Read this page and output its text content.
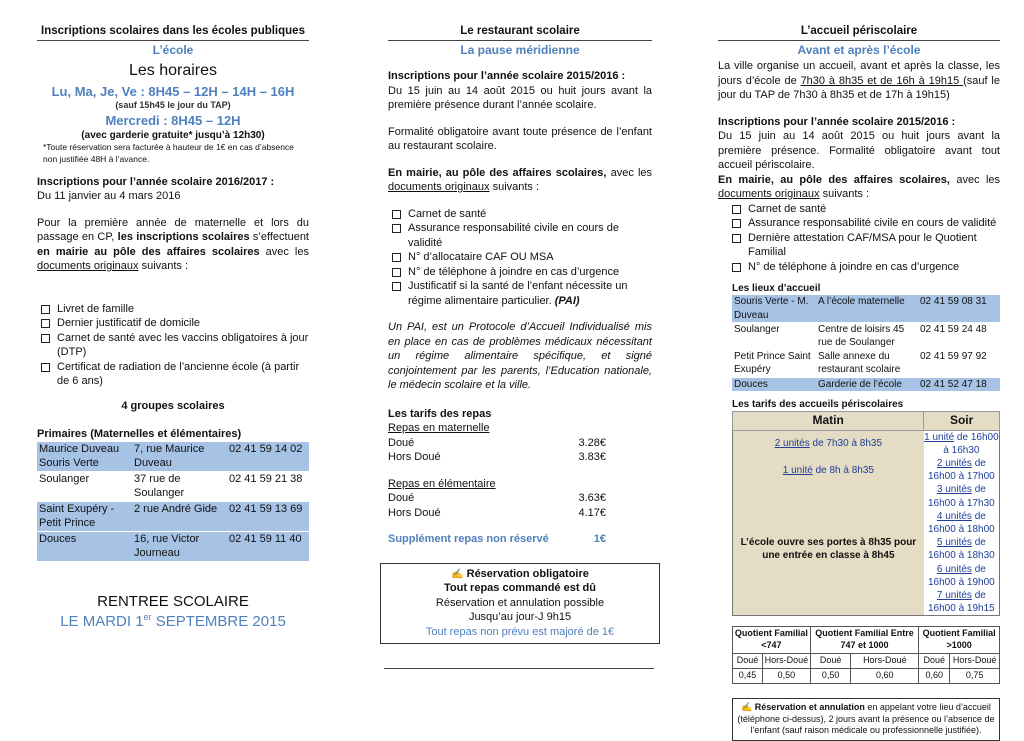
Inscriptions scolaires dans les écoles publiques
L’école
Les horaires
Lu, Ma, Je, Ve : 8H45 – 12H – 14H – 16H
(sauf 15h45 le jour du TAP)
Mercredi : 8H45 – 12H
(avec garderie gratuite* jusqu’à 12h30)
*Toute réservation sera facturée à hauteur de 1€ en cas d’absence non justifiée 48H à l’avance.
Inscriptions pour l’année scolaire 2016/2017 :
Du 11 janvier au 4 mars 2016

Pour la première année de maternelle et lors du passage en CP, les inscriptions scolaires s’effectuent en mairie au pôle des affaires scolaires avec les documents originaux suivants :

Livret de famille
Dernier justificatif de domicile
Carnet de santé avec les vaccins obligatoires à jour (DTP)
Certificat de radiation de l’ancienne école (à partir de 6 ans)
4 groupes scolaires
Primaires (Maternelles et élémentaires)
Maurice Duveau Souris Verte	7, rue Maurice Duveau	02 41 59 14 02
Soulanger	37 rue de Soulanger	02 41 59 21 38
Saint Exupéry - Petit Prince	2 rue André Gide	02 41 59 13 69
Douces	16, rue Victor Journeau	02 41 59 11 40
RENTREE SCOLAIRE
LE MARDI 1er SEPTEMBRE 2015
Le restaurant scolaire
La pause méridienne
Inscriptions pour l’année scolaire 2015/2016 :

Du 15 juin au 14 août 2015 ou huit jours avant la première présence durant l’année scolaire.

Formalité obligatoire avant toute présence de l’enfant au restaurant scolaire.

En mairie, au pôle des affaires scolaires, avec les documents originaux suivants :

Carnet de santé
Assurance responsabilité civile en cours de validité
N° d’allocataire CAF OU MSA
N° de téléphone à joindre en cas d’urgence
Justificatif si la santé de l’enfant nécessite un régime alimentaire particulier. (PAI)

Un PAI, est un Protocole d’Accueil Individualisé mis en place en cas de problèmes médicaux nécessitant un régime alimentaire spécifique, et signé conjointement par les parents, l’Education nationale, le médecin scolaire et la ville.

Les tarifs des repas
Repas en maternelle
Doué	3.28€
Hors Doué	3.83€
Repas en élémentaire
Doué	3.63€
Hors Doué	4.17€
Supplément repas non réservé	1€
✍ Réservation obligatoire
Tout repas commandé est dû
Réservation et annulation possible
Jusqu’au jour-J 9h15
Tout repas non prévu est majoré de 1€
L’accueil périscolaire
Avant et après l’école

La ville organise un accueil, avant et après la classe, les jours d’école de 7h30 à 8h35 et de 16h à 19h15 (sauf le jour du TAP de 7h30 à 8h35 et de 17h à 19h15)

Inscriptions pour l’année scolaire 2015/2016 :

Du 15 juin au 14 août 2015 ou huit jours avant la première présence. Formalité obligatoire avant tout accueil périscolaire.

En mairie, au pôle des affaires scolaires, avec les documents originaux suivants :

Carnet de santé
Assurance responsabilité civile en cours de validité
Dernière attestation CAF/MSA pour le Quotient Familial
N° de téléphone à joindre en cas d’urgence
Les lieux d’accueil
Souris Verte - M. Duveau	A l’école maternelle	02 41 59 08 31
Soulanger	Centre de loisirs 45 rue de Soulanger	02 41 59 24 48
Petit Prince Saint Exupéry	Salle annexe du restaurant scolaire	02 41 59 97 92
Douces	Garderie de l’école	02 41 52 47 18
Les tarifs des accueils périscolaires
Matin	Soir
2 unités de 7h30 à 8h35	1 unité de 16h00 à 16h30
1 unité de 8h à 8h35	2 unités de 16h00 à 17h00
L’école ouvre ses portes à 8h35 pour une entrée en classe à 8h45	3 unités de 16h00 à 17h30
	4 unités de 16h00 à 18h00
	5 unités de 16h00 à 18h30
	6 unités de 16h00 à 19h00
	7 unités de 16h00 à 19h15
Quotient Familial <747		Quotient Familial Entre 747 et 1000		Quotient Familial >1000	
Doué	Hors-Doué	Doué	Hors-Doué	Doué	Hors-Doué
0,45	0,50	0,50	0,60	0,60	0,75
✍ Réservation et annulation en appelant votre lieu d’accueil (téléphone ci-dessus), 2 jours avant la présence ou l’absence de l’enfant (sauf raison médicale ou professionnelle justifiée).
